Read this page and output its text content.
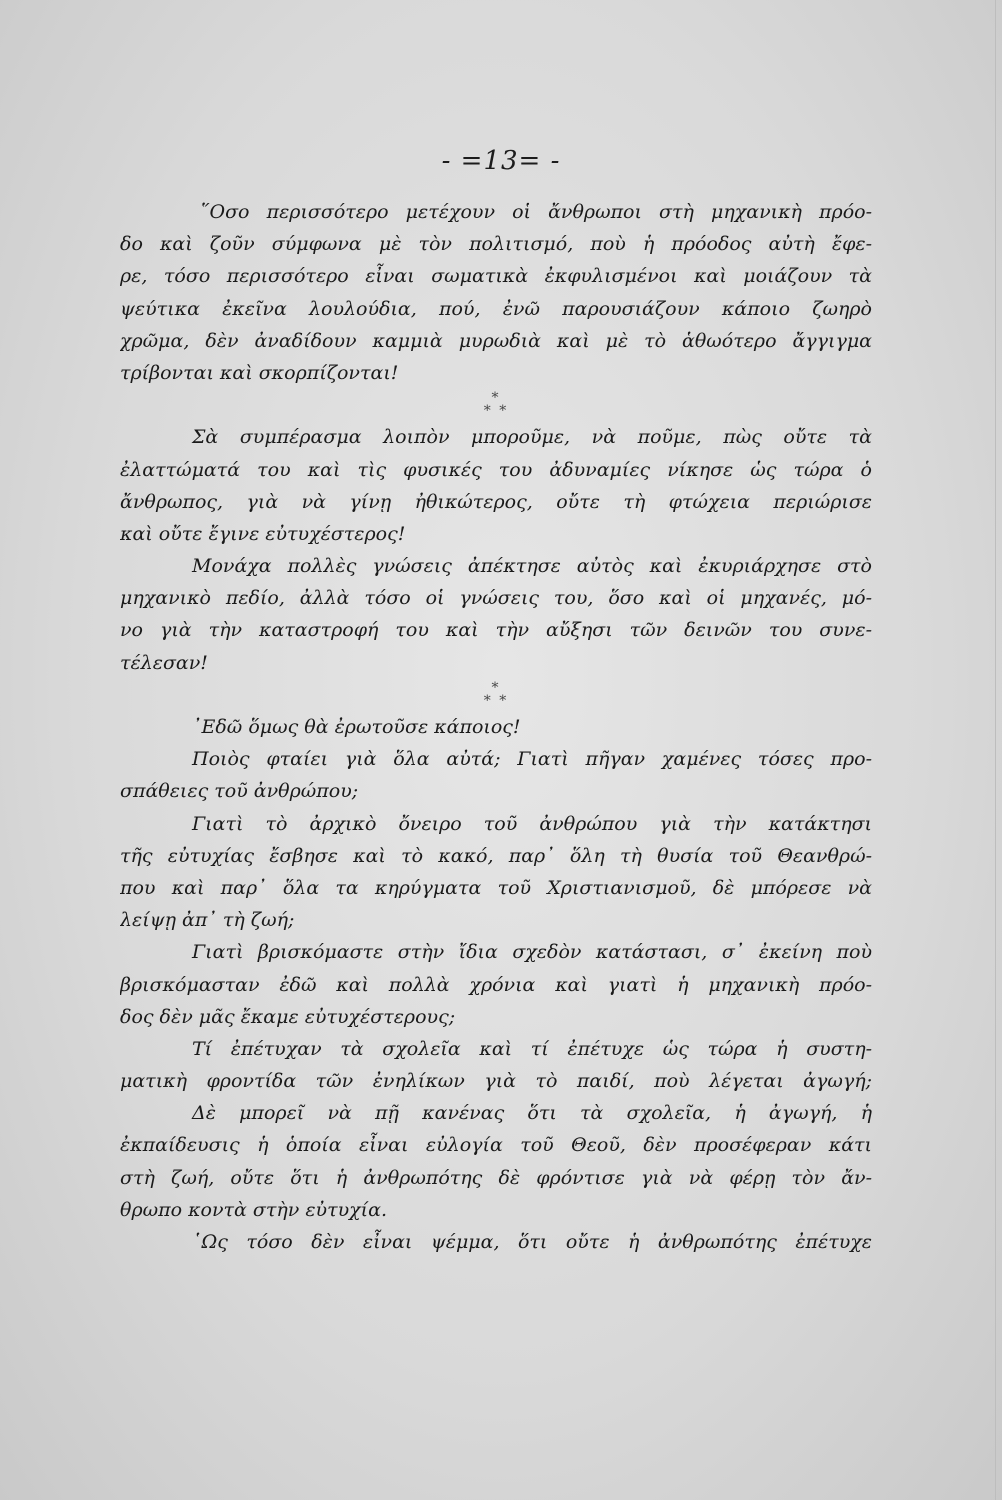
- =13= -
῞Οσο περισσότερο μετέχουν οἱ ἄνθρωποι στὴ μηχανικὴ πρόο-
δο καὶ ζοῦν σύμφωνα μὲ τὸν πολιτισμό, ποὺ ἡ πρόοδος αὐτὴ ἔφε-
ρε, τόσο περισσότερο εἶναι σωματικὰ ἐκφυλισμένοι καὶ μοιάζουν τὰ
ψεύτικα ἐκεῖνα λουλούδια, πού, ἐνῶ παρουσιάζουν κάποιο ζωηρὸ
χρῶμα, δὲν ἀναδίδουν καμμιὰ μυρωδιὰ καὶ μὲ τὸ ἁθωότερο ἄγγιγμα
τρίβονται καὶ σκορπίζονται!
*
* *
Σὰ συμπέρασμα λοιπὸν μποροῦμε, νὰ ποῦμε, πὼς οὔτε τὰ
ἐλαττώματά του καὶ τὶς φυσικές του ἀδυναμίες νίκησε ὡς τώρα ὁ
ἄνθρωπος, γιὰ νὰ γίνῃ ἠθικώτερος, οὔτε τὴ φτώχεια περιώρισε
καὶ οὔτε ἔγινε εὐτυχέστερος!
Μονάχα πολλὲς γνώσεις ἀπέκτησε αὐτὸς καὶ ἐκυριάρχησε στὸ
μηχανικὸ πεδίο, ἀλλὰ τόσο οἱ γνώσεις του, ὅσο καὶ οἱ μηχανές, μό-
νο γιὰ τὴν καταστροφή του καὶ τὴν αὔξησι τῶν δεινῶν του συνε-
τέλεσαν!
*
* *
᾿Εδῶ ὅμως θὰ ἐρωτοῦσε κάποιος!
Ποιὸς φταίει γιὰ ὅλα αὐτά; Γιατὶ πῆγαν χαμένες τόσες προ-
σπάθειες τοῦ ἀνθρώπου;
Γιατὶ τὸ ἀρχικὸ ὄνειρο τοῦ ἀνθρώπου γιὰ τὴν κατάκτησι
τῆς εὐτυχίας ἔσβησε καὶ τὸ κακό, παρ᾿ ὅλη τὴ θυσία τοῦ Θεανθρώ-
που καὶ παρ᾿ ὅλα τα κηρύγματα τοῦ Χριστιανισμοῦ, δὲ μπόρεσε νὰ
λείψῃ ἀπ᾿ τὴ ζωή;
Γιατὶ βρισκόμαστε στὴν ἴδια σχεδὸν κατάστασι, σ᾿ ἐκείνη ποὺ
βρισκόμασταν ἐδῶ καὶ πολλὰ χρόνια καὶ γιατὶ ἡ μηχανικὴ πρόο-
δος δὲν μᾶς ἔκαμε εὐτυχέστερους;
Τί ἐπέτυχαν τὰ σχολεῖα καὶ τί ἐπέτυχε ὡς τώρα ἡ συστη-
ματικὴ φροντίδα τῶν ἐνηλίκων γιὰ τὸ παιδί, ποὺ λέγεται ἀγωγή;
Δὲ μπορεῖ νὰ πῇ κανένας ὅτι τὰ σχολεῖα, ἡ ἀγωγή, ἡ
ἐκπαίδευσις ἡ ὁποία εἶναι εὐλογία τοῦ Θεοῦ, δὲν προσέφεραν κάτι
στὴ ζωή, οὔτε ὅτι ἡ ἀνθρωπότης δὲ φρόντισε γιὰ νὰ φέρῃ τὸν ἄν-
θρωπο κοντὰ στὴν εὐτυχία.
῾Ως τόσο δὲν εἶναι ψέμμα, ὅτι οὔτε ἡ ἀνθρωπότης ἐπέτυχε
